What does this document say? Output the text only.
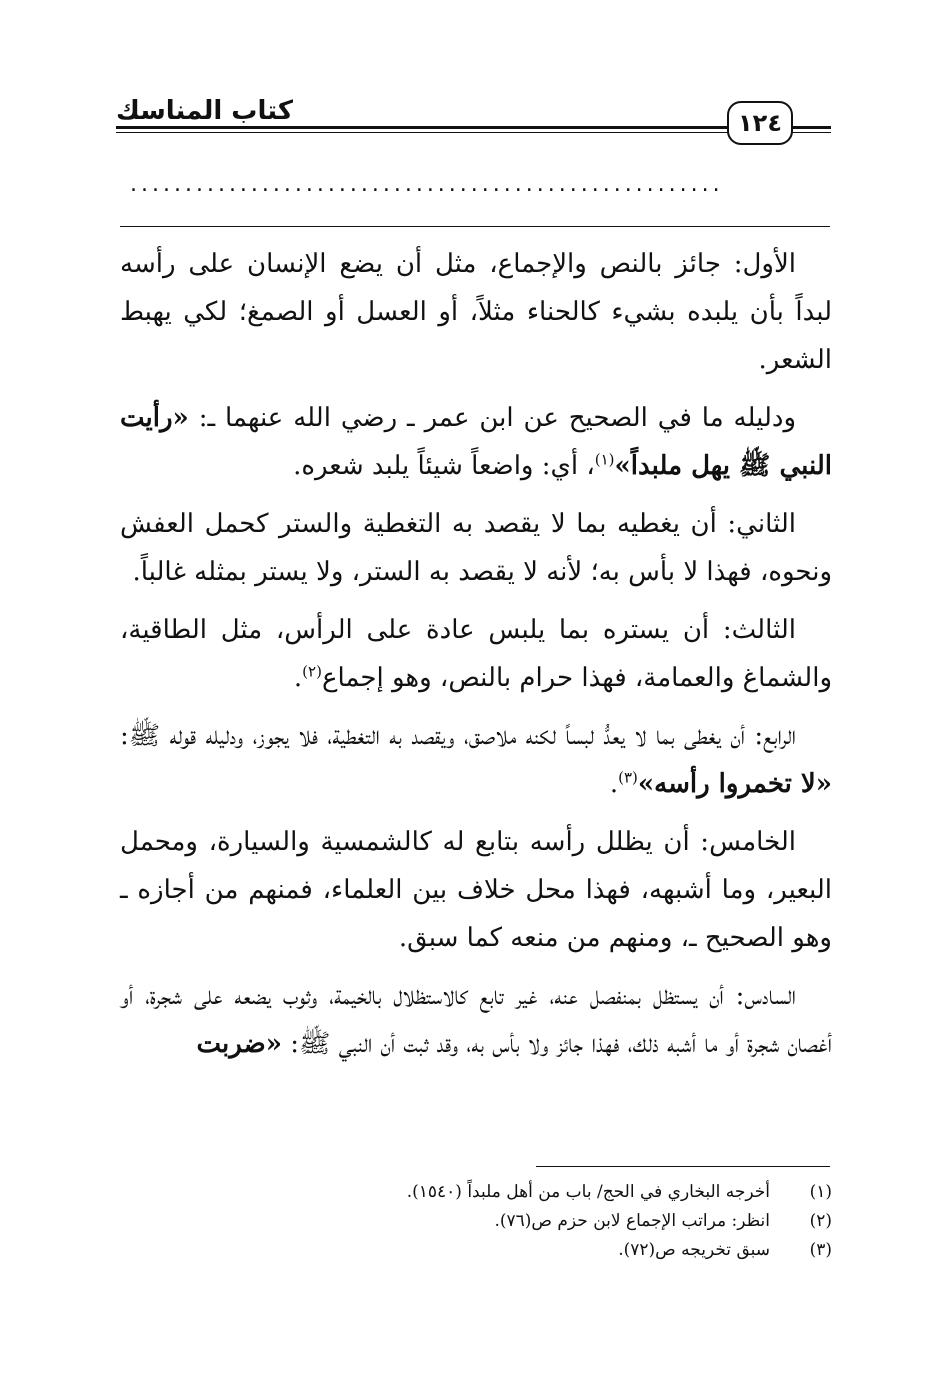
كتاب المناسك	١٢٤
......................................................

الأول: جائز بالنص والإجماع، مثل أن يضع الإنسان على رأسه لبداً بأن يلبده بشيء كالحناء مثلاً، أو العسل أو الصمغ؛ لكي يهبط الشعر.

ودليله ما في الصحيح عن ابن عمر ـ رضي الله عنهما ـ: «رأيت النبي ﷺ يهل ملبداً»$^{(١)}$، أي: واضعاً شيئاً يلبد شعره.

الثاني: أن يغطيه بما لا يقصد به التغطية والستر كحمل العفش ونحوه، فهذا لا بأس به؛ لأنه لا يقصد به الستر، ولا يستر بمثله غالباً.

الثالث: أن يستره بما يلبس عادة على الرأس، مثل الطاقية، والشماغ والعمامة، فهذا حرام بالنص، وهو إجماع$^{(٢)}$.

الرابع: أن يغطى بما لا يعدُّ لبساً لكنه ملاصق، ويقصد به التغطية، فلا يجوز، ودليله قوله ﷺ: «لا تخمروا رأسه»$^{(٣)}$.

الخامس: أن يظلل رأسه بتابع له كالشمسية والسيارة، ومحمل البعير، وما أشبهه، فهذا محل خلاف بين العلماء، فمنهم من أجازه ـ وهو الصحيح ـ، ومنهم من منعه كما سبق.

السادس: أن يستظل بمنفصل عنه، غير تابع كالاستظلال بالخيمة، وثوب يضعه على شجرة، أو أغصان شجرة أو ما أشبه ذلك، فهذا جائز ولا بأس به، وقد ثبت أن النبي ﷺ: «ضربت

(١)
أخرجه البخاري في الحج/ باب من أهل ملبداً (١٥٤٠).
(٢)
انظر: مراتب الإجماع لابن حزم ص(٧٦).
(٣)
سبق تخريجه ص(٧٢).
